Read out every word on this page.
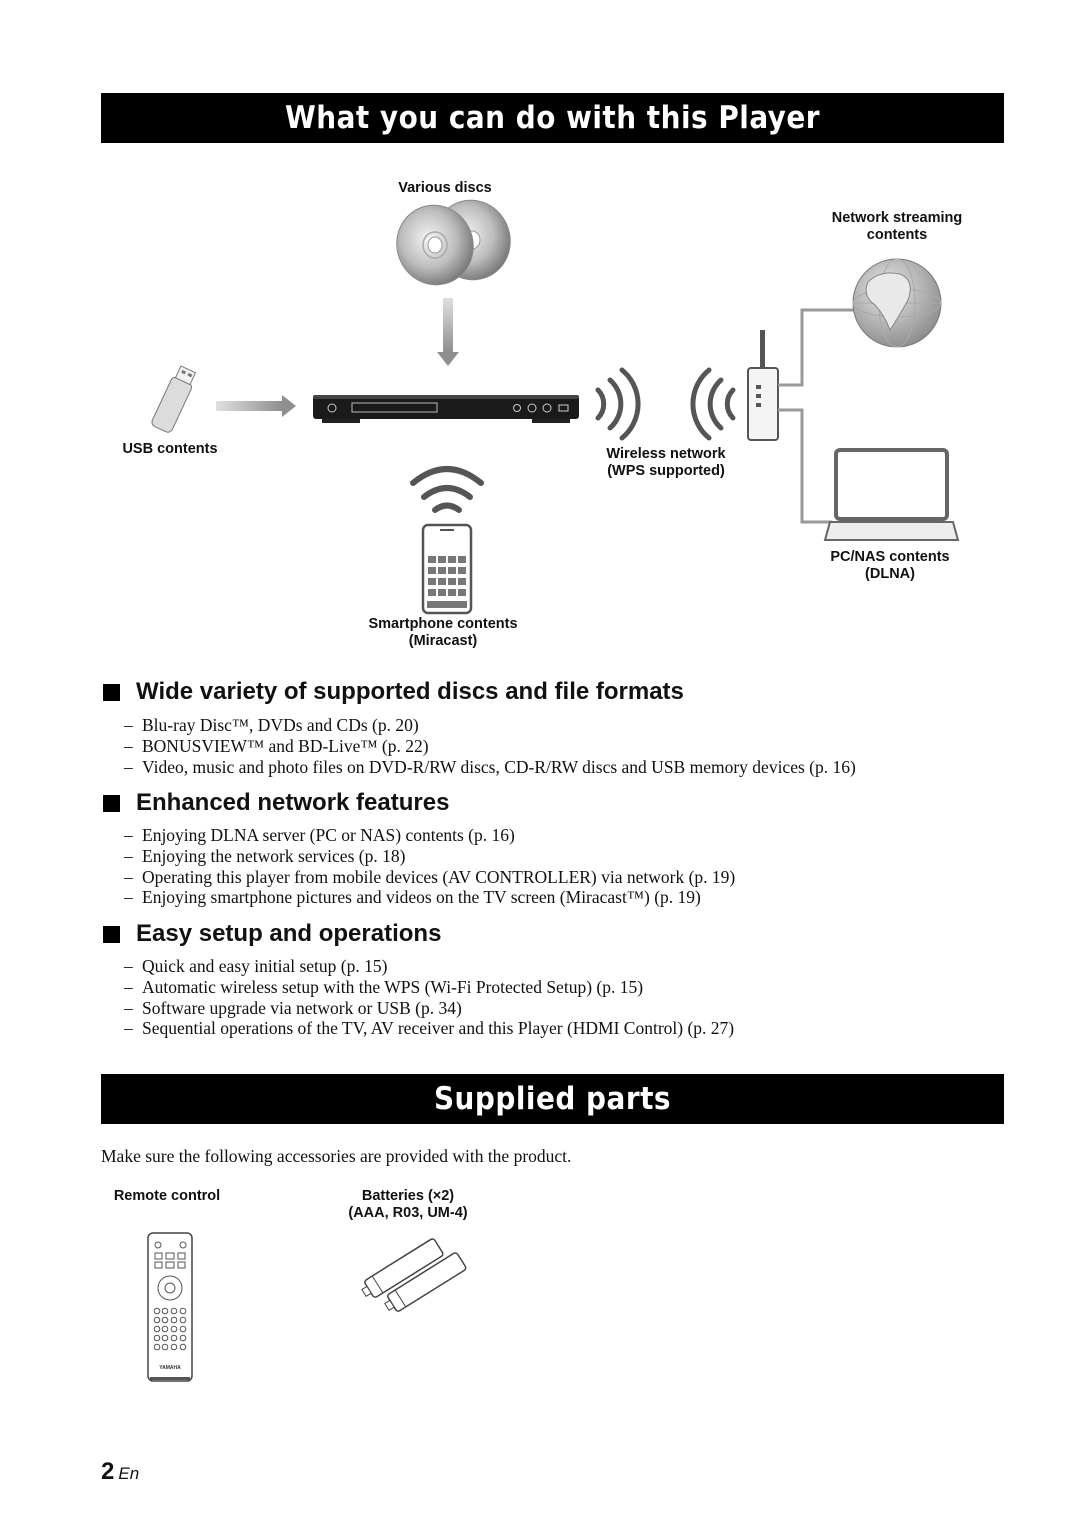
What you can do with this Player
YAMAHA
Various discs
Network streaming contents
USB contents	Wireless network (WPS supported)
PC/NAS contents (DLNA)
Smartphone contents (Miracast)
Wide variety of supported discs and file formats
– Blu-ray Disc™, DVDs and CDs (p. 20)
– BONUSVIEW™ and BD-Live™ (p. 22)
– Video, music and photo files on DVD-R/RW discs, CD-R/RW discs and USB memory devices (p. 16)
Enhanced network features
– Enjoying DLNA server (PC or NAS) contents (p. 16)
– Enjoying the network services (p. 18)
– Operating this player from mobile devices (AV CONTROLLER) via network (p. 19)
– Enjoying smartphone pictures and videos on the TV screen (Miracast™) (p. 19)
Easy setup and operations
– Quick and easy initial setup (p. 15)
– Automatic wireless setup with the WPS (Wi-Fi Protected Setup) (p. 15)
– Software upgrade via network or USB (p. 34)
– Sequential operations of the TV, AV receiver and this Player (HDMI Control) (p. 27)
Supplied parts
Make sure the following accessories are provided with the product.
Remote control	Batteries (×2)
(AAA, R03, UM-4)
2 En
